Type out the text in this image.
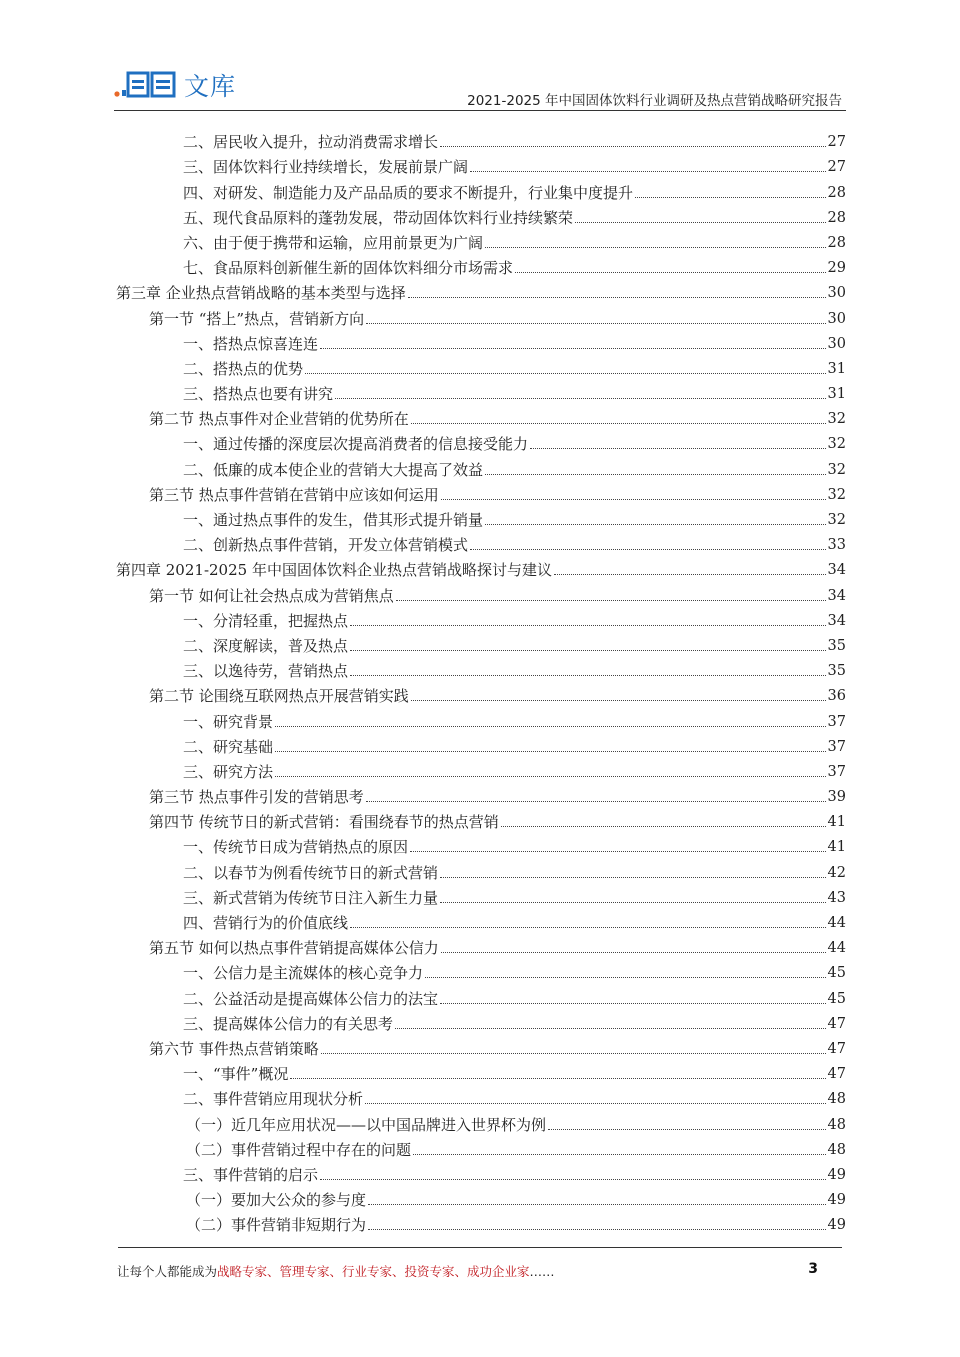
文库	2021-2025 年中国固体饮料行业调研及热点营销战略研究报告
二、居民收入提升，拉动消费需求增长	27
三、固体饮料行业持续增长，发展前景广阔	27
四、对研发、制造能力及产品品质的要求不断提升，行业集中度提升	28
五、现代食品原料的蓬勃发展，带动固体饮料行业持续繁荣	28
六、由于便于携带和运输，应用前景更为广阔	28
七、食品原料创新催生新的固体饮料细分市场需求	29
第三章 企业热点营销战略的基本类型与选择	30
第一节 “搭上”热点，营销新方向	30
一、搭热点惊喜连连	30
二、搭热点的优势	31
三、搭热点也要有讲究	31
第二节 热点事件对企业营销的优势所在	32
一、通过传播的深度层次提高消费者的信息接受能力	32
二、低廉的成本使企业的营销大大提高了效益	32
第三节 热点事件营销在营销中应该如何运用	32
一、通过热点事件的发生，借其形式提升销量	32
二、创新热点事件营销，开发立体营销模式	33
第四章 2021-2025 年中国固体饮料企业热点营销战略探讨与建议	34
第一节 如何让社会热点成为营销焦点	34
一、分清轻重，把握热点	34
二、深度解读，普及热点	35
三、以逸待劳，营销热点	35
第二节 论围绕互联网热点开展营销实践	36
一、研究背景	37
二、研究基础	37
三、研究方法	37
第三节 热点事件引发的营销思考	39
第四节 传统节日的新式营销：看围绕春节的热点营销	41
一、传统节日成为营销热点的原因	41
二、以春节为例看传统节日的新式营销	42
三、新式营销为传统节日注入新生力量	43
四、营销行为的价值底线	44
第五节 如何以热点事件营销提高媒体公信力	44
一、公信力是主流媒体的核心竞争力	45
二、公益活动是提高媒体公信力的法宝	45
三、提高媒体公信力的有关思考	47
第六节 事件热点营销策略	47
一、“事件”概况	47
二、事件营销应用现状分析	48
（一）近几年应用状况——以中国品牌进入世界杯为例	48
（二）事件营销过程中存在的问题	48
三、事件营销的启示	49
（一）要加大公众的参与度	49
（二）事件营销非短期行为	49
让每个人都能成为战略专家、管理专家、行业专家、投资专家、成功企业家……	3
